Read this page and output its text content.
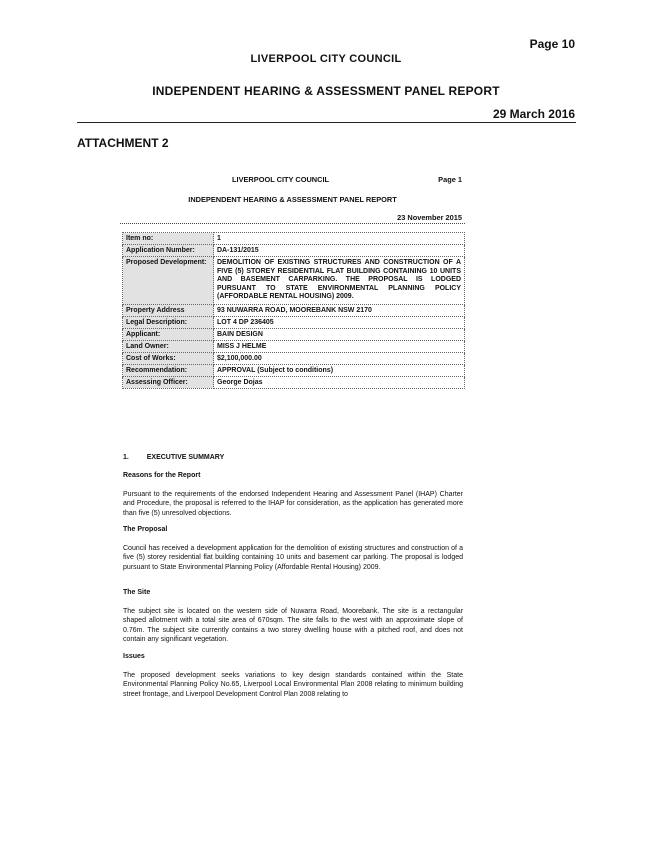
Page 10
LIVERPOOL CITY COUNCIL
INDEPENDENT HEARING & ASSESSMENT PANEL REPORT
29 March 2016
ATTACHMENT 2
LIVERPOOL CITY COUNCIL	Page 1
INDEPENDENT HEARING & ASSESSMENT PANEL REPORT
23 November 2015
Item no:	1
Application Number:	DA-131/2015
Proposed Development:	DEMOLITION OF EXISTING STRUCTURES AND CONSTRUCTION OF A FIVE (5) STOREY RESIDENTIAL FLAT BUILDING CONTAINING 10 UNITS AND BASEMENT CARPARKING. THE PROPOSAL IS LODGED PURSUANT TO STATE ENVIRONMENTAL PLANNING POLICY (AFFORDABLE RENTAL HOUSING) 2009.
Property Address	93 NUWARRA ROAD, MOOREBANK NSW 2170
Legal Description:	LOT 4 DP 236405
Applicant:	BAIN DESIGN
Land Owner:	MISS J HELME
Cost of Works:	$2,100,000.00
Recommendation:	APPROVAL (Subject to conditions)
Assessing Officer:	George Dojas
1.	EXECUTIVE SUMMARY
Reasons for the Report
Pursuant to the requirements of the endorsed Independent Hearing and Assessment Panel (IHAP) Charter and Procedure, the proposal is referred to the IHAP for consideration, as the application has generated more than five (5) unresolved objections.
The Proposal
Council has received a development application for the demolition of existing structures and construction of a five (5) storey residential flat building containing 10 units and basement car parking. The proposal is lodged pursuant to State Environmental Planning Policy (Affordable Rental Housing) 2009.
The Site
The subject site is located on the western side of Nuwarra Road, Moorebank. The site is a rectangular shaped allotment with a total site area of 670sqm. The site falls to the west with an approximate slope of 0.76m. The subject site currently contains a two storey dwelling house with a pitched roof, and does not contain any significant vegetation.
Issues
The proposed development seeks variations to key design standards contained within the State Environmental Planning Policy No.65, Liverpool Local Environmental Plan 2008 relating to minimum building street frontage, and Liverpool Development Control Plan 2008 relating to
